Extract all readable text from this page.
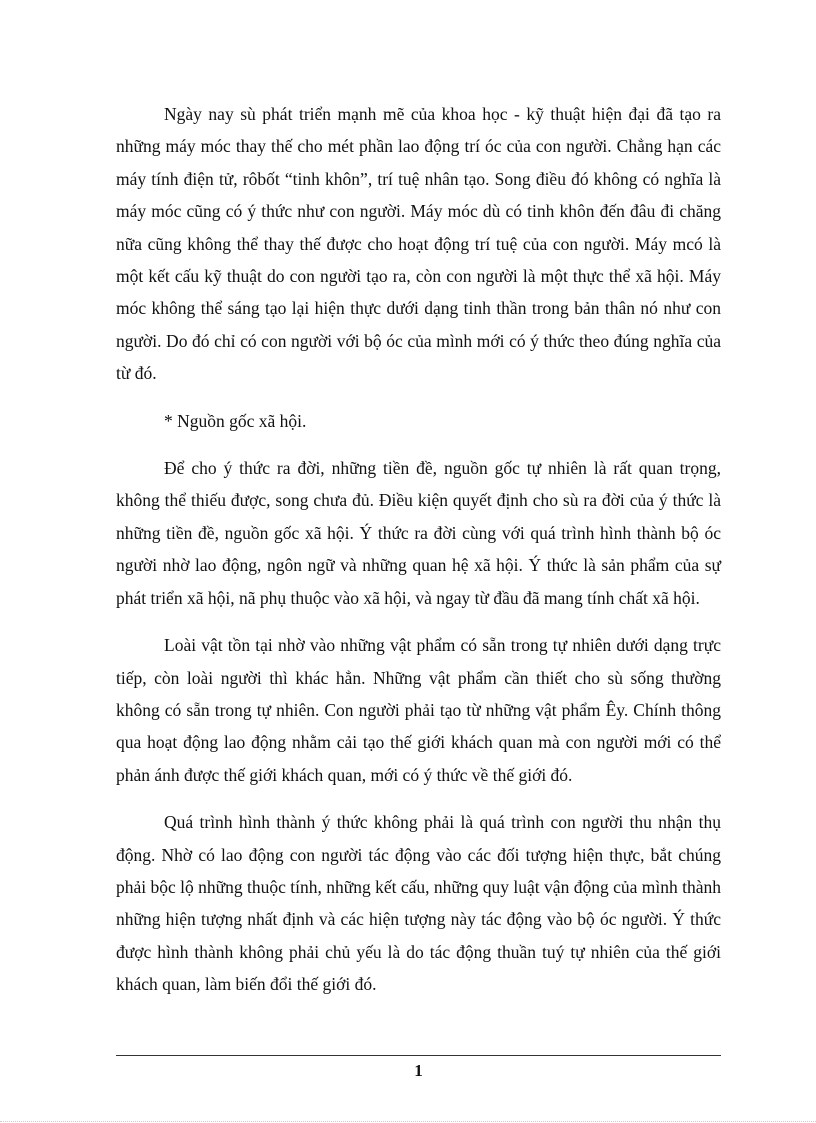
Ngày nay sù phát triển mạnh mẽ của khoa học - kỹ thuật hiện đại đã tạo ra những máy móc thay thế cho mét phần lao động trí óc của con người. Chẳng hạn các máy tính điện tử, rôbốt “tinh khôn”, trí tuệ nhân tạo. Song điều đó không có nghĩa là máy móc cũng có ý thức như con người. Máy móc dù có tinh khôn đến đâu đi chăng nữa cũng không thể thay thế được cho hoạt động trí tuệ của con người. Máy mcó là một kết cấu kỹ thuật do con người tạo ra, còn con người là một thực thể xã hội. Máy móc không thể sáng tạo lại hiện thực dưới dạng tinh thần trong bản thân nó như con người. Do đó chỉ có con người với bộ óc của mình mới có ý thức theo đúng nghĩa của từ đó.

* Nguồn gốc xã hội.

Để cho ý thức ra đời, những tiền đề, nguồn gốc tự nhiên là rất quan trọng, không thể thiếu được, song chưa đủ. Điều kiện quyết định cho sù ra đời của ý thức là những tiền đề, nguồn gốc xã hội. Ý thức ra đời cùng với quá trình hình thành bộ óc người nhờ lao động, ngôn ngữ và những quan hệ xã hội. Ý thức là sản phẩm của sự phát triển xã hội, nã phụ thuộc vào xã hội, và ngay từ đầu đã mang tính chất xã hội.

Loài vật tồn tại nhờ vào những vật phẩm có sẵn trong tự nhiên dưới dạng trực tiếp, còn loài người thì khác hẳn. Những vật phẩm cần thiết cho sù sống thường không có sẵn trong tự nhiên. Con người phải tạo từ những vật phẩm Êy. Chính thông qua hoạt động lao động nhằm cải tạo thế giới khách quan mà con người mới có thể phản ánh được thế giới khách quan, mới có ý thức về thế giới đó.

Quá trình hình thành ý thức không phải là quá trình con người thu nhận thụ động. Nhờ có lao động con người tác động vào các đối tượng hiện thực, bắt chúng phải bộc lộ những thuộc tính, những kết cấu, những quy luật vận động của mình thành những hiện tượng nhất định và các hiện tượng này tác động vào bộ óc người. Ý thức được hình thành không phải chủ yếu là do tác động thuần tuý tự nhiên của thế giới khách quan, làm biến đổi thế giới đó.

1
